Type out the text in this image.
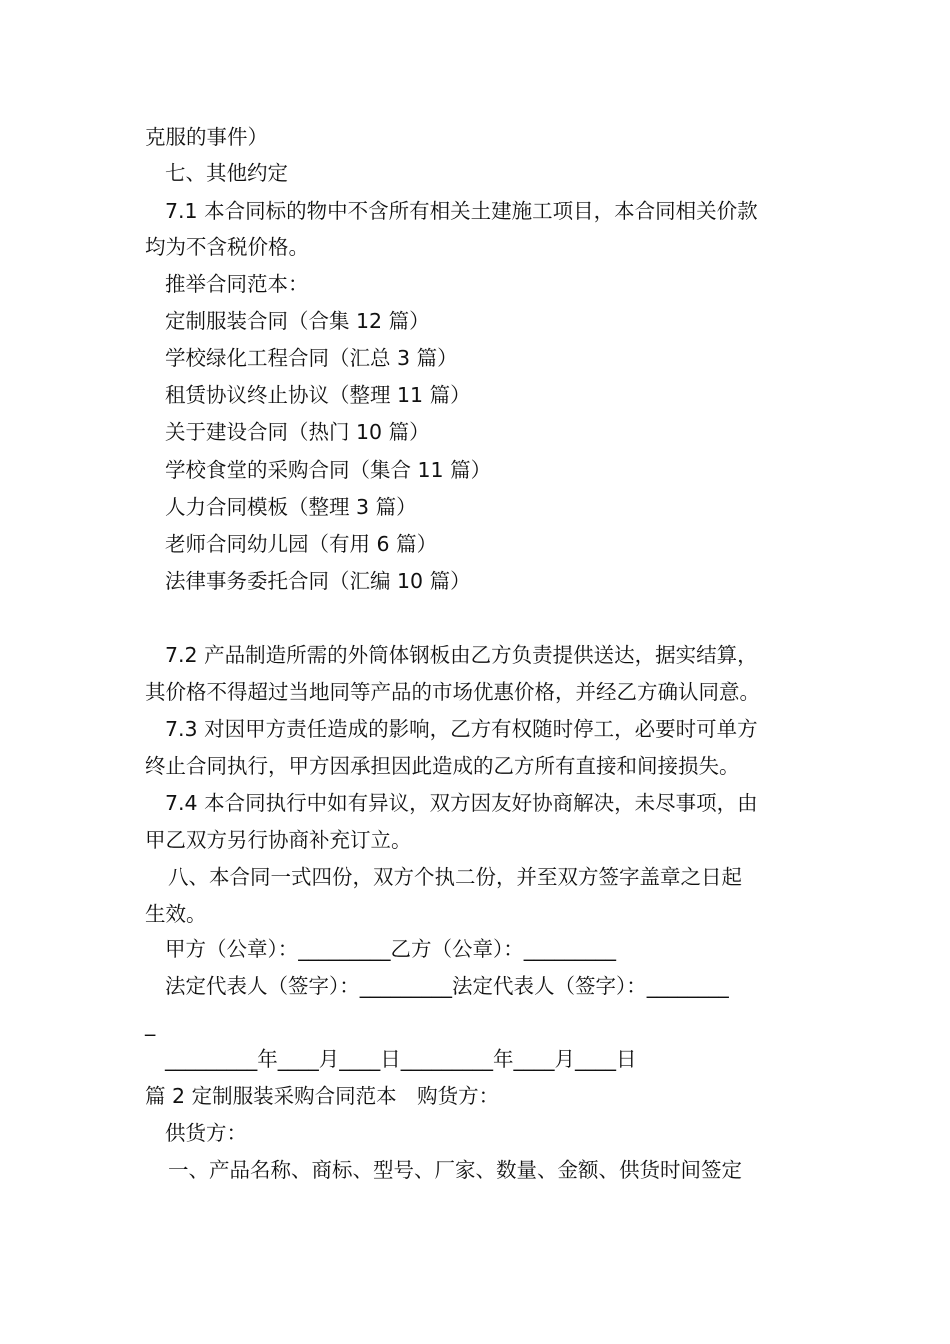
克服的事件）
七、其他约定
7.1 本合同标的物中不含所有相关土建施工项目，本合同相关价款
均为不含税价格。
推举合同范本：
定制服装合同（合集 12 篇）
学校绿化工程合同（汇总 3 篇）
租赁协议终止协议（整理 11 篇）
关于建设合同（热门 10 篇）
学校食堂的采购合同（集合 11 篇）
人力合同模板（整理 3 篇）
老师合同幼儿园（有用 6 篇）
法律事务委托合同（汇编 10 篇）
7.2 产品制造所需的外筒体钢板由乙方负责提供送达，据实结算，
其价格不得超过当地同等产品的市场优惠价格，并经乙方确认同意。
7.3 对因甲方责任造成的影响，乙方有权随时停工，必要时可单方
终止合同执行，甲方因承担因此造成的乙方所有直接和间接损失。
7.4 本合同执行中如有异议，双方因友好协商解决，未尽事项，由
甲乙双方另行协商补充订立。
八、本合同一式四份，双方个执二份，并至双方签字盖章之日起
生效。
甲方（公章）：_________乙方（公章）：_________
法定代表人（签字）：_________法定代表人（签字）：________
_
_________年____月____日_________年____月____日
篇 2 定制服装采购合同范本　购货方：
供货方：
一、产品名称、商标、型号、厂家、数量、金额、供货时间签定
